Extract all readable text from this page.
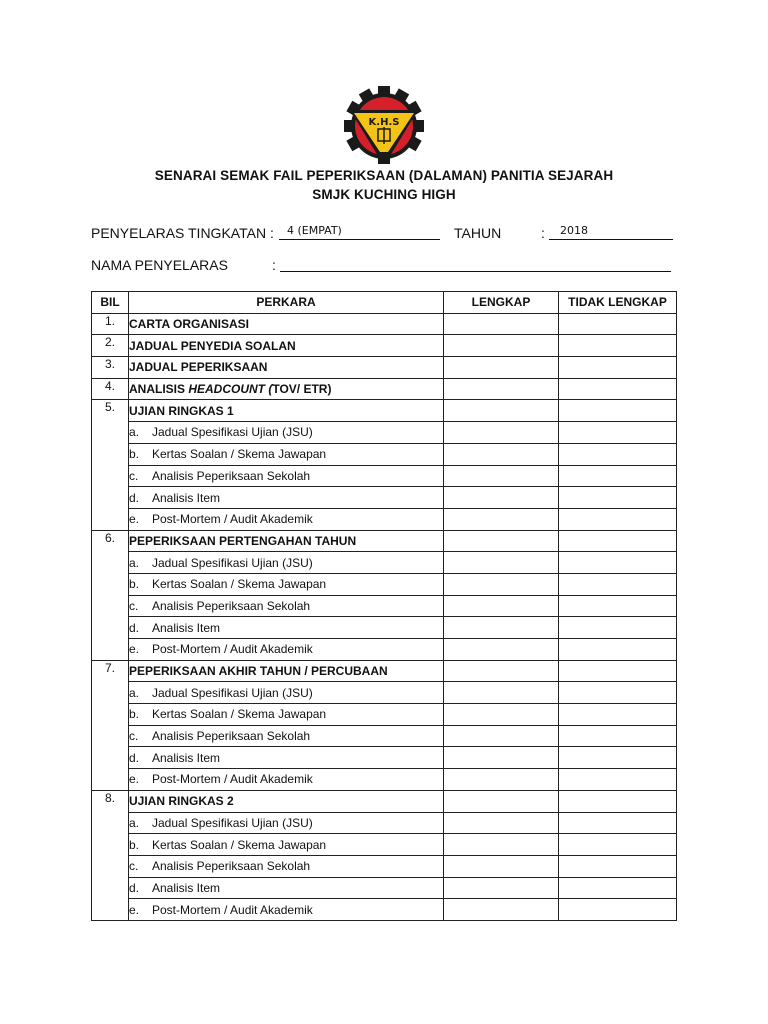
K.H.S
SENARAI SEMAK FAIL PEPERIKSAAN (DALAMAN) PANITIA SEJARAH
SMJK KUCHING HIGH
PENYELARAS TINGKATAN : 4 (EMPAT)	TAHUN	: 2018
NAMA PENYELARAS	:
BIL	PERKARA	LENGKAP	TIDAK LENGKAP
1.	CARTA ORGANISASI		
2.	JADUAL PENYEDIA SOALAN		
3.	JADUAL PEPERIKSAAN		
4.	ANALISIS HEADCOUNT (TOV/ ETR)		
5.	UJIAN RINGKAS 1		
	a. Jadual Spesifikasi Ujian (JSU)		
	b. Kertas Soalan / Skema Jawapan		
	c. Analisis Peperiksaan Sekolah		
	d. Analisis Item		
	e. Post-Mortem / Audit Akademik		
6.	PEPERIKSAAN PERTENGAHAN TAHUN		
	a. Jadual Spesifikasi Ujian (JSU)		
	b. Kertas Soalan / Skema Jawapan		
	c. Analisis Peperiksaan Sekolah		
	d. Analisis Item		
	e. Post-Mortem / Audit Akademik		
7.	PEPERIKSAAN AKHIR TAHUN / PERCUBAAN		
	a. Jadual Spesifikasi Ujian (JSU)		
	b. Kertas Soalan / Skema Jawapan		
	c. Analisis Peperiksaan Sekolah		
	d. Analisis Item		
	e. Post-Mortem / Audit Akademik		
8.	UJIAN RINGKAS 2		
	a. Jadual Spesifikasi Ujian (JSU)		
	b. Kertas Soalan / Skema Jawapan		
	c. Analisis Peperiksaan Sekolah		
	d. Analisis Item		
	e. Post-Mortem / Audit Akademik		
